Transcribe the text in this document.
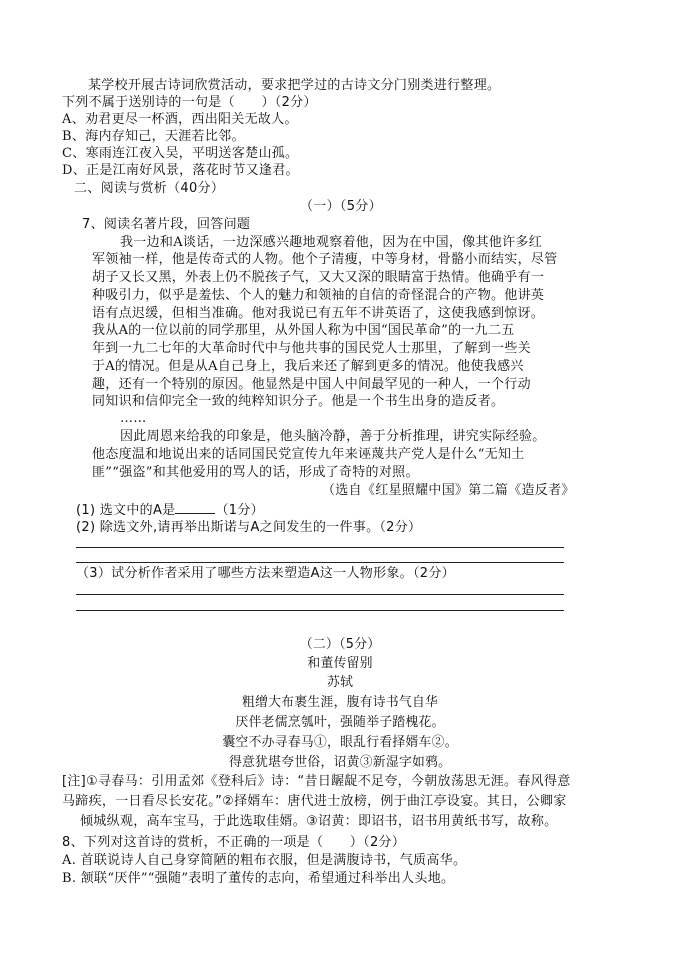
某学校开展古诗词欣赏活动，要求把学过的古诗文分门别类进行整理。
下列不属于送别诗的一句是（　　）（2分）
A、劝君更尽一杯酒，西出阳关无故人。
B、海内存知己，天涯若比邻。
C、寒雨连江夜入吴，平明送客楚山孤。
D、正是江南好风景，落花时节又逢君。
二、阅读与赏析（40分）
（一）（5分）
7、阅读名著片段，回答问题
我一边和A谈话，一边深感兴趣地观察着他，因为在中国，像其他许多红
军领袖一样，他是传奇式的人物。他个子清瘦，中等身材，骨骼小而结实，尽管
胡子又长又黑，外表上仍不脱孩子气，又大又深的眼睛富于热情。他确乎有一
种吸引力，似乎是羞怯、个人的魅力和领袖的自信的奇怪混合的产物。他讲英
语有点迟缓，但相当准确。他对我说已有五年不讲英语了，这使我感到惊讶。
我从A的一位以前的同学那里，从外国人称为中国“国民革命”的一九二五
年到一九二七年的大革命时代中与他共事的国民党人士那里，了解到一些关
于A的情况。但是从A自己身上，我后来还了解到更多的情况。他使我感兴
趣，还有一个特别的原因。他显然是中国人中间最罕见的一种人，一个行动
同知识和信仰完全一致的纯粹知识分子。他是一个书生出身的造反者。
……
因此周恩来给我的印象是，他头脑冷静，善于分析推理，讲究实际经验。
他态度温和地说出来的话同国民党宣传九年来诬蔑共产党人是什么“无知土
匪”“强盗”和其他爱用的骂人的话，形成了奇特的对照。
（选自《红星照耀中国》第二篇《造反者》
(1) 选文中的A是	（1分）
(2) 除选文外,请再举出斯诺与A之间发生的一件事。（2分）
（3）试分析作者采用了哪些方法来塑造A这一人物形象。（2分）
（二）（5分）
和董传留别
苏轼
粗缯大布裹生涯，腹有诗书气自华
厌伴老儒烹瓠叶，强随举子踏槐花。
囊空不办寻春马①，眼乱行看择婿车②。
得意犹堪夸世俗，诏黄③新湿字如鸦。
[注]①寻春马：引用孟郊《登科后》诗：“昔日龌龊不足夸，今朝放荡思无涯。春风得意
马蹄疾，一日看尽长安花。”②择婿车：唐代进士放榜，例于曲江亭设宴。其日，公卿家
倾城纵观，高车宝马，于此选取佳婿。③诏黄：即诏书，诏书用黄纸书写，故称。
8、下列对这首诗的赏析，不正确的一项是（　　）（2分）
A. 首联说诗人自己身穿简陋的粗布衣服，但是满腹诗书，气质高华。
B. 颔联“厌伴”“强随”表明了董传的志向，希望通过科举出人头地。
